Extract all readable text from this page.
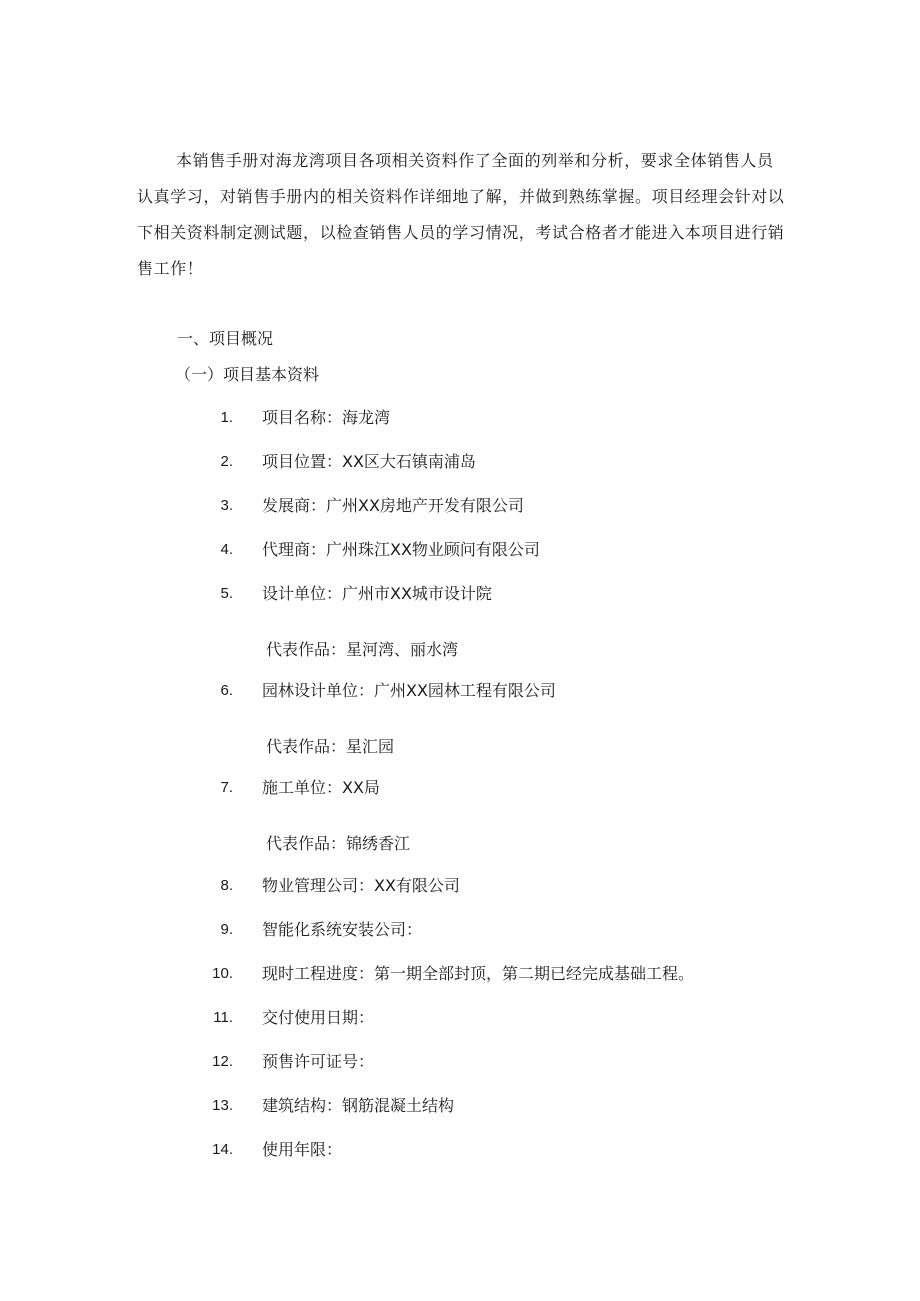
本销售手册对海龙湾项目各项相关资料作了全面的列举和分析，要求全体销售人员认真学习，对销售手册内的相关资料作详细地了解，并做到熟练掌握。项目经理会针对以下相关资料制定测试题，以检查销售人员的学习情况，考试合格者才能进入本项目进行销售工作！

一、项目概况

（一）项目基本资料

1. 项目名称：海龙湾
2. 项目位置：XX区大石镇南浦岛
3. 发展商：广州XX房地产开发有限公司
4. 代理商：广州珠江XX物业顾问有限公司
5. 设计单位：广州市XX城市设计院
代表作品：星河湾、丽水湾
6. 园林设计单位：广州XX园林工程有限公司
代表作品：星汇园
7. 施工单位：XX局
代表作品：锦绣香江
8. 物业管理公司：XX有限公司
9. 智能化系统安装公司：
10. 现时工程进度：第一期全部封顶，第二期已经完成基础工程。
11. 交付使用日期：
12. 预售许可证号：
13. 建筑结构：钢筋混凝土结构
14. 使用年限：
